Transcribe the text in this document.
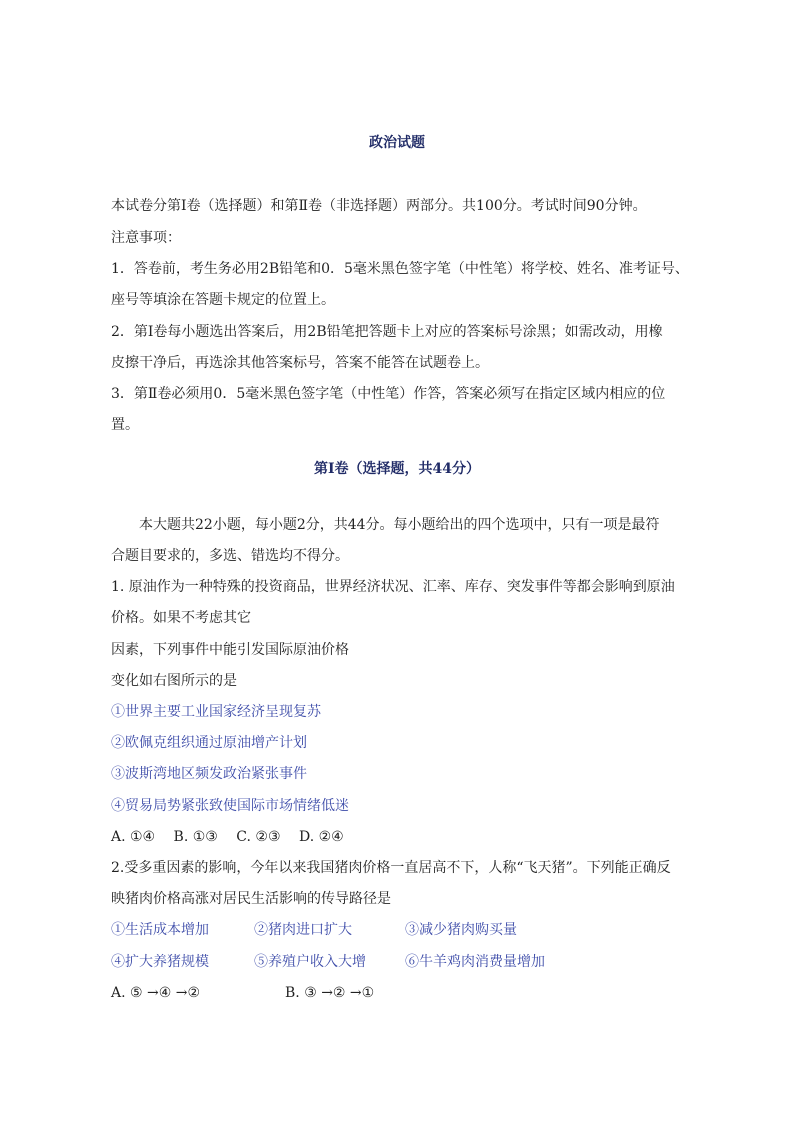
政治试题
本试卷分第Ⅰ卷（选择题）和第Ⅱ卷（非选择题）两部分。共100分。考试时间90分钟。
注意事项：
1．答卷前，考生务必用2B铅笔和0．5毫米黑色签字笔（中性笔）将学校、姓名、准考证号、
座号等填涂在答题卡规定的位置上。
2．第Ⅰ卷每小题选出答案后，用2B铅笔把答题卡上对应的答案标号涂黑；如需改动，用橡
皮擦干净后，再选涂其他答案标号，答案不能答在试题卷上。
3．第Ⅱ卷必须用0．5毫米黑色签字笔（中性笔）作答，答案必须写在指定区域内相应的位
置。
第Ⅰ卷（选择题，共44分）
本大题共22小题，每小题2分，共44分。每小题给出的四个选项中，只有一项是最符
合题目要求的，多选、错选均不得分。
1. 原油作为一种特殊的投资商品，世界经济状况、汇率、库存、突发事件等都会影响到原油
价格。如果不考虑其它
因素，下列事件中能引发国际原油价格
变化如右图所示的是
①世界主要工业国家经济呈现复苏
②欧佩克组织通过原油增产计划
③波斯湾地区频发政治紧张事件
④贸易局势紧张致使国际市场情绪低迷
A. ①④　 B. ①③　 C. ②③　 D. ②④
2.受多重因素的影响，今年以来我国猪肉价格一直居高不下，人称“飞天猪”。下列能正确反
映猪肉价格高涨对居民生活影响的传导路径是
①生活成本增加	②猪肉进口扩大	③减少猪肉购买量
④扩大养猪规模	⑤养殖户收入大增	⑥牛羊鸡肉消费量增加
A. ⑤ →④ →②	B. ③ →② →①
